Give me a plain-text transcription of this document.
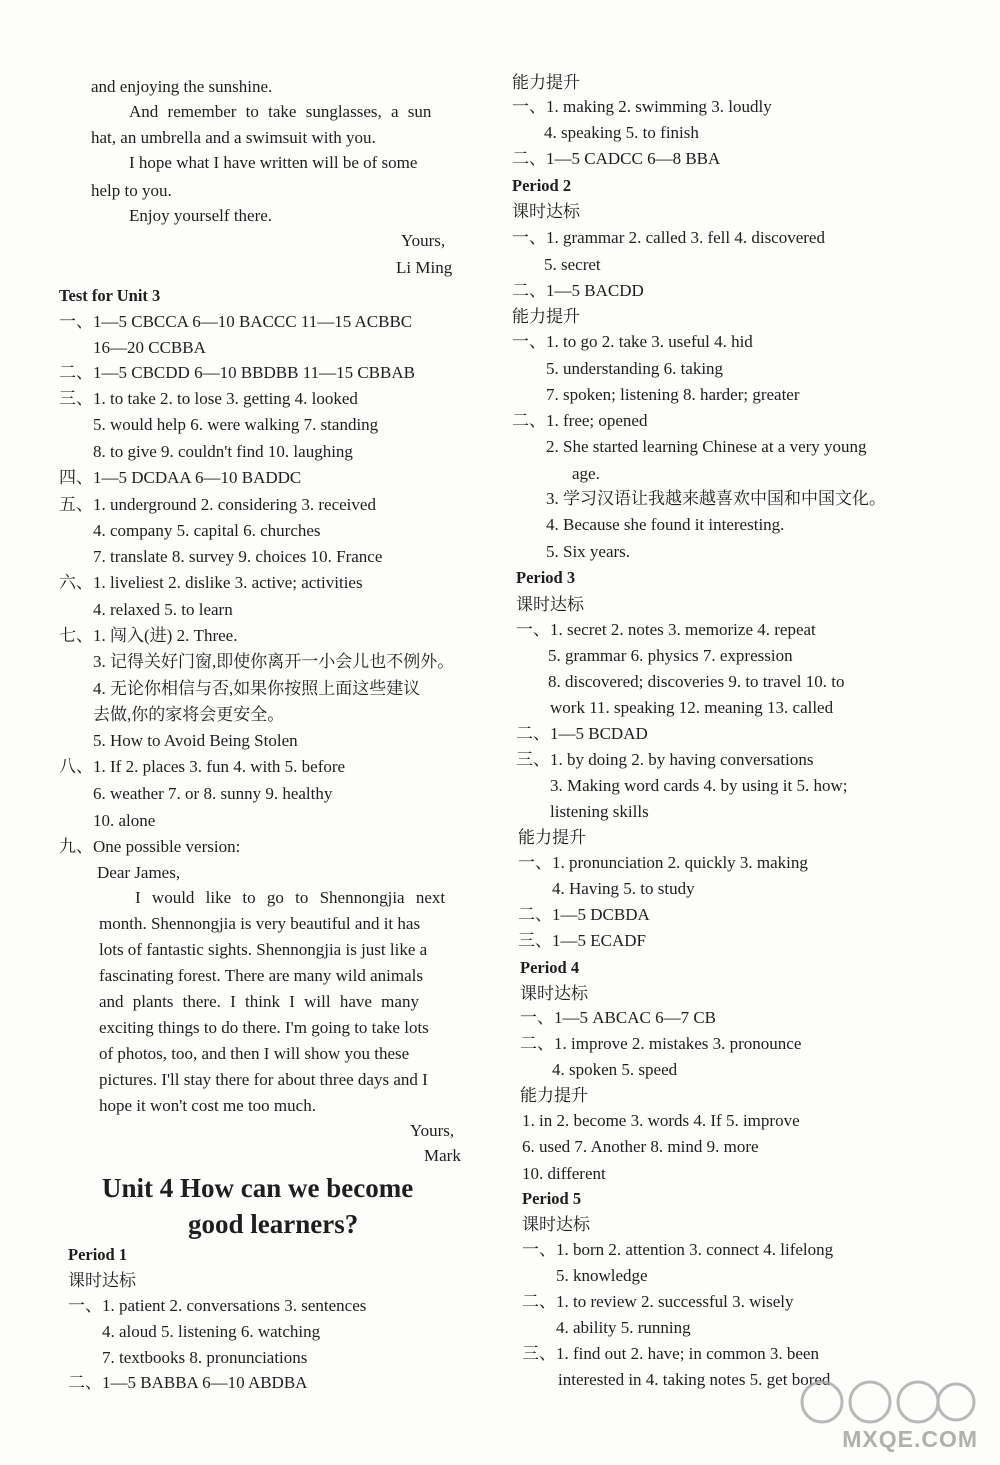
and enjoying the sunshine.
And remember to take sunglasses, a sun
hat, an umbrella and a swimsuit with you.
I hope what I have written will be of some
help to you.
Enjoy yourself there.
Yours,
Li Ming
Test for Unit 3
一、1—5 CBCCA 6—10 BACCC 11—15 ACBBC
16—20 CCBBA
二、1—5 CBCDD 6—10 BBDBB 11—15 CBBAB
三、1. to take 2. to lose 3. getting 4. looked
5. would help 6. were walking 7. standing
8. to give 9. couldn't find 10. laughing
四、1—5 DCDAA 6—10 BADDC
五、1. underground 2. considering 3. received
4. company 5. capital 6. churches
7. translate 8. survey 9. choices 10. France
六、1. liveliest 2. dislike 3. active; activities
4. relaxed 5. to learn
七、1. 闯入(进) 2. Three.
3. 记得关好门窗,即使你离开一小会儿也不例外。
4. 无论你相信与否,如果你按照上面这些建议
去做,你的家将会更安全。
5. How to Avoid Being Stolen
八、1. If 2. places 3. fun 4. with 5. before
6. weather 7. or 8. sunny 9. healthy
10. alone
九、One possible version:
Dear James,
I would like to go to Shennongjia next
month. Shennongjia is very beautiful and it has
lots of fantastic sights. Shennongjia is just like a
fascinating forest. There are many wild animals
and plants there. I think I will have many
exciting things to do there. I'm going to take lots
of photos, too, and then I will show you these
pictures. I'll stay there for about three days and I
hope it won't cost me too much.
Yours,
Mark
Unit 4 How can we become
good learners?
Period 1
课时达标
一、1. patient 2. conversations 3. sentences
4. aloud 5. listening 6. watching
7. textbooks 8. pronunciations
二、1—5 BABBA 6—10 ABDBA
能力提升
一、1. making 2. swimming 3. loudly
4. speaking 5. to finish
二、1—5 CADCC 6—8 BBA
Period 2
课时达标
一、1. grammar 2. called 3. fell 4. discovered
5. secret
二、1—5 BACDD
能力提升
一、1. to go 2. take 3. useful 4. hid
5. understanding 6. taking
7. spoken; listening 8. harder; greater
二、1. free; opened
2. She started learning Chinese at a very young
age.
3. 学习汉语让我越来越喜欢中国和中国文化。
4. Because she found it interesting.
5. Six years.
Period 3
课时达标
一、1. secret 2. notes 3. memorize 4. repeat
5. grammar 6. physics 7. expression
8. discovered; discoveries 9. to travel 10. to
work 11. speaking 12. meaning 13. called
二、1—5 BCDAD
三、1. by doing 2. by having conversations
3. Making word cards 4. by using it 5. how;
listening skills
能力提升
一、1. pronunciation 2. quickly 3. making
4. Having 5. to study
二、1—5 DCBDA
三、1—5 ECADF
Period 4
课时达标
一、1—5 ABCAC 6—7 CB
二、1. improve 2. mistakes 3. pronounce
4. spoken 5. speed
能力提升
1. in 2. become 3. words 4. If 5. improve
6. used 7. Another 8. mind 9. more
10. different
Period 5
课时达标
一、1. born 2. attention 3. connect 4. lifelong
5. knowledge
二、1. to review 2. successful 3. wisely
4. ability 5. running
三、1. find out 2. have; in common 3. been
interested in 4. taking notes 5. get bored
MXQE.COM
